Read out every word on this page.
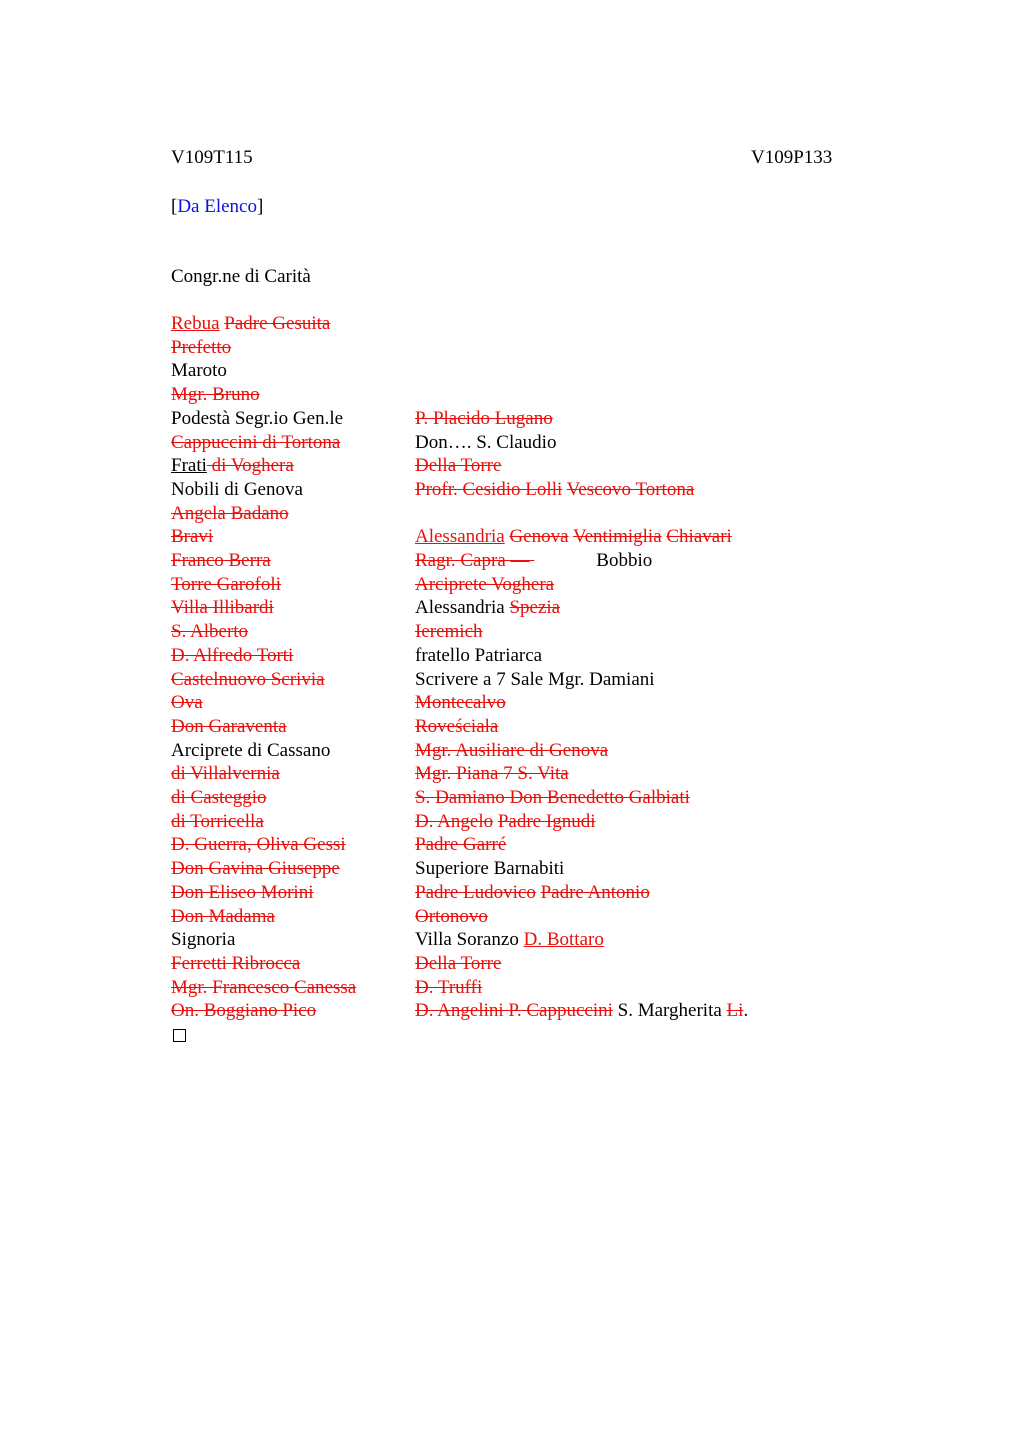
V109T115	V109P133
[Da Elenco]
Congr.ne di Carità
Rebua Padre Gesuita
Prefetto
Maroto
Mgr. Bruno
Podestà Segr.io Gen.le
Cappuccini di Tortona
Frati di Voghera
Nobili di Genova
Angela Badano
Bravi
Franco Berra
Torre Garofoli
Villa Illibardi
S. Alberto
D. Alfredo Torti
Castelnuovo Scrivia
Ova
Don Garaventa
Arciprete di Cassano
di Villalvernia
di Casteggio
di Torricella
D. Guerra, Oliva Gessi
Don Gavina Giuseppe
Don Eliseo Morini
Don Madama
Signoria
Ferretti Ribrocca
Mgr. Francesco Canessa
On. Boggiano Pico
P. Placido Lugano
Don…. S. Claudio
Della Torre
Profr. Cesidio Lolli Vescovo Tortona
Alessandria Genova Ventimiglia Chiavari
Ragr. Capra —	Bobbio
Arciprete Voghera
Alessandria Spezia
Ieremich
fratello Patriarca
Scrivere a 7 Sale Mgr. Damiani
Montecalvo
Roveściala
Mgr. Ausiliare di Genova
Mgr. Piana 7 S. Vita
S. Damiano Don Benedetto Galbiati
D. Angelo Padre Ignudi
Padre Garré
Superiore Barnabiti
Padre Ludovico Padre Antonio
Ortonovo
Villa Soranzo D. Bottaro
Della Torre
D. Truffi
D. Angelini P. Cappuccini S. Margherita Li.
